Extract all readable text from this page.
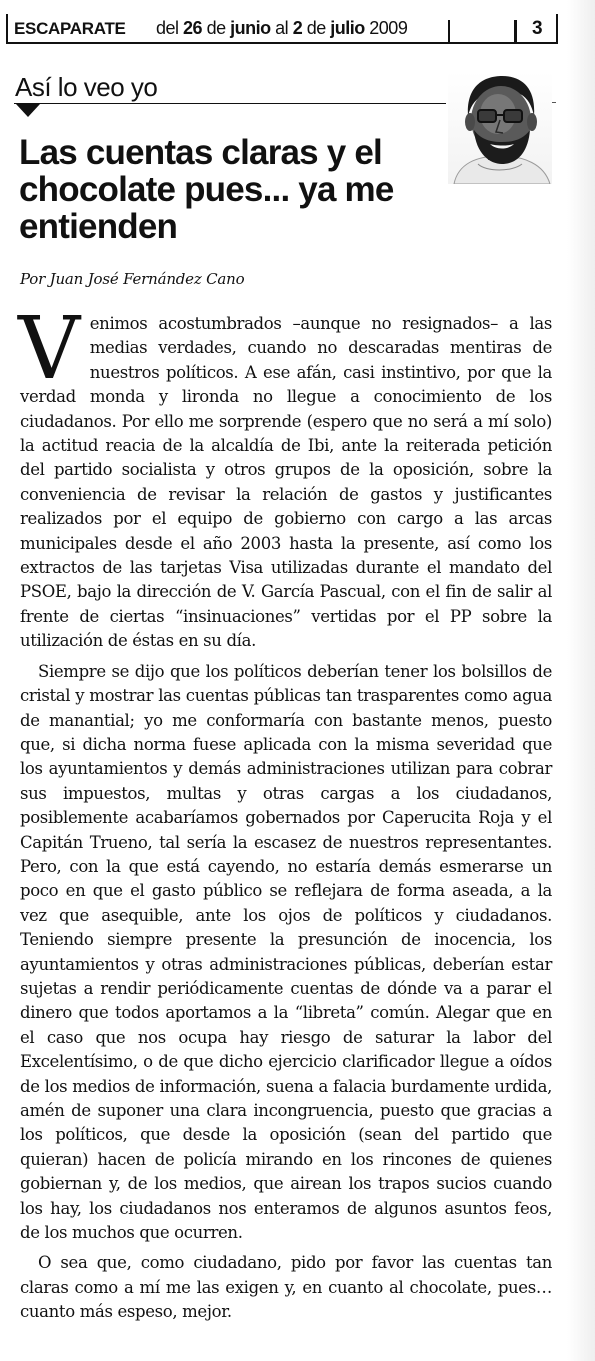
ESCAPARATE del 26 de junio al 2 de julio 2009	3
Así lo veo yo
Las cuentas claras y el chocolate pues... ya me entienden
Por Juan José Fernández Cano

Venimos acostumbrados –aunque no resignados– a las medias verdades, cuando no descaradas mentiras de nuestros políticos. A ese afán, casi instintivo, por que la verdad monda y lironda no llegue a conocimiento de los ciudadanos. Por ello me sorprende (espero que no será a mí solo) la actitud reacia de la alcaldía de Ibi, ante la reiterada petición del partido socialista y otros grupos de la oposición, sobre la conveniencia de revisar la relación de gastos y justificantes realizados por el equipo de gobierno con cargo a las arcas municipales desde el año 2003 hasta la presente, así como los extractos de las tarjetas Visa utilizadas durante el mandato del PSOE, bajo la dirección de V. García Pascual, con el fin de salir al frente de ciertas “insinuaciones” vertidas por el PP sobre la utilización de éstas en su día.

Siempre se dijo que los políticos deberían tener los bolsillos de cristal y mostrar las cuentas públicas tan trasparentes como agua de manantial; yo me conformaría con bastante menos, puesto que, si dicha norma fuese aplicada con la misma severidad que los ayuntamientos y demás administraciones utilizan para cobrar sus impuestos, multas y otras cargas a los ciudadanos, posiblemente acabaríamos gobernados por Caperucita Roja y el Capitán Trueno, tal sería la escasez de nuestros representantes. Pero, con la que está cayendo, no estaría demás esmerarse un poco en que el gasto público se reflejara de forma aseada, a la vez que asequible, ante los ojos de políticos y ciudadanos. Teniendo siempre presente la presunción de inocencia, los ayuntamientos y otras administraciones públicas, deberían estar sujetas a rendir periódicamente cuentas de dónde va a parar el dinero que todos aportamos a la “libreta” común. Alegar que en el caso que nos ocupa hay riesgo de saturar la labor del Excelentísimo, o de que dicho ejercicio clarificador llegue a oídos de los medios de información, suena a falacia burdamente urdida, amén de suponer una clara incongruencia, puesto que gracias a los políticos, que desde la oposición (sean del partido que quieran) hacen de policía mirando en los rincones de quienes gobiernan y, de los medios, que airean los trapos sucios cuando los hay, los ciudadanos nos enteramos de algunos asuntos feos, de los muchos que ocurren.

O sea que, como ciudadano, pido por favor las cuentas tan claras como a mí me las exigen y, en cuanto al chocolate, pues… cuanto más espeso, mejor.
